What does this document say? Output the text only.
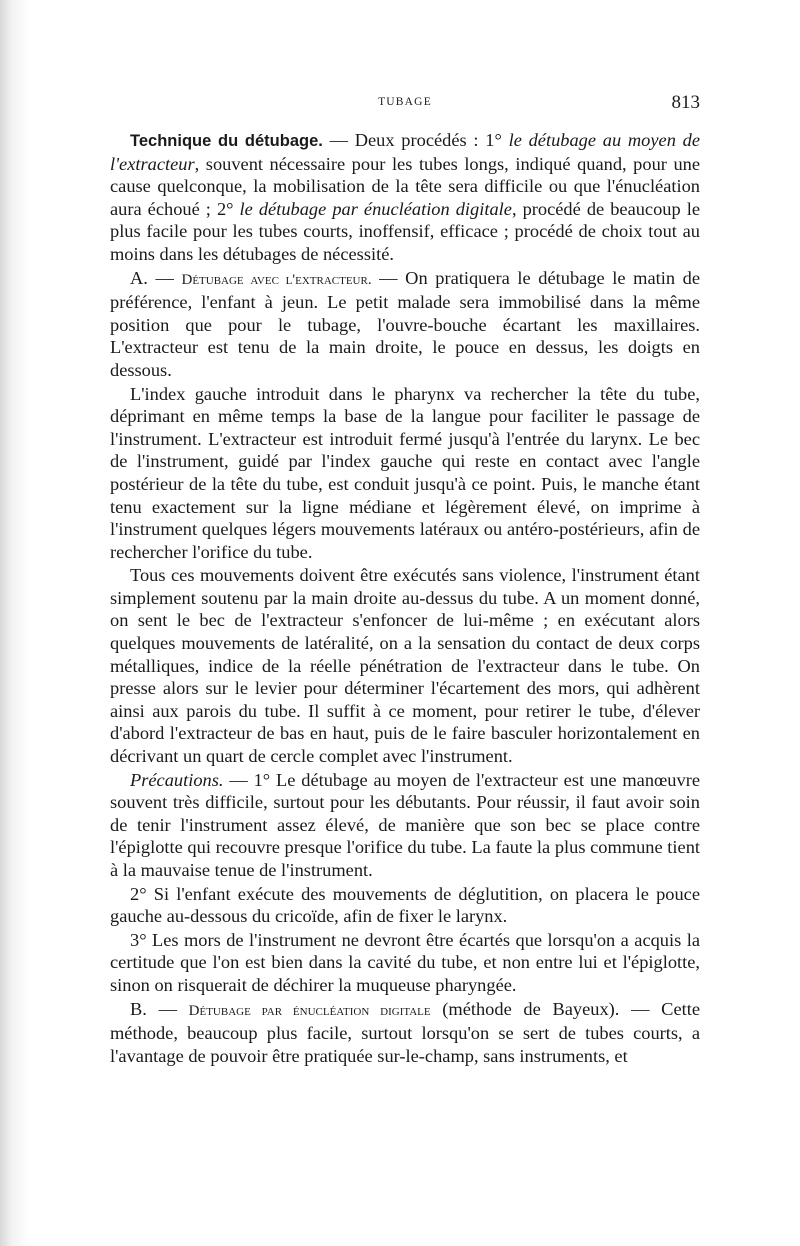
TUBAGE	813

Technique du détubage. — Deux procédés : 1° le détubage au moyen de l'extracteur, souvent nécessaire pour les tubes longs, indiqué quand, pour une cause quelconque, la mobilisation de la tête sera difficile ou que l'énucléation aura échoué ; 2° le détubage par énucléation digitale, procédé de beaucoup le plus facile pour les tubes courts, inoffensif, efficace ; procédé de choix tout au moins dans les détubages de nécessité.

A. — Détubage avec l'extracteur. — On pratiquera le détubage le matin de préférence, l'enfant à jeun. Le petit malade sera immobilisé dans la même position que pour le tubage, l'ouvre-bouche écartant les maxillaires. L'extracteur est tenu de la main droite, le pouce en dessus, les doigts en dessous.

L'index gauche introduit dans le pharynx va rechercher la tête du tube, déprimant en même temps la base de la langue pour faciliter le passage de l'instrument. L'extracteur est introduit fermé jusqu'à l'entrée du larynx. Le bec de l'instrument, guidé par l'index gauche qui reste en contact avec l'angle postérieur de la tête du tube, est conduit jusqu'à ce point. Puis, le manche étant tenu exactement sur la ligne médiane et légèrement élevé, on imprime à l'instrument quelques légers mouvements latéraux ou antéro-postérieurs, afin de rechercher l'orifice du tube.

Tous ces mouvements doivent être exécutés sans violence, l'instrument étant simplement soutenu par la main droite au-dessus du tube. A un moment donné, on sent le bec de l'extracteur s'enfoncer de lui-même ; en exécutant alors quelques mouvements de latéralité, on a la sensation du contact de deux corps métalliques, indice de la réelle pénétration de l'extracteur dans le tube. On presse alors sur le levier pour déterminer l'écartement des mors, qui adhèrent ainsi aux parois du tube. Il suffit à ce moment, pour retirer le tube, d'élever d'abord l'extracteur de bas en haut, puis de le faire basculer horizontalement en décrivant un quart de cercle complet avec l'instrument.

Précautions. — 1° Le détubage au moyen de l'extracteur est une manœuvre souvent très difficile, surtout pour les débutants. Pour réussir, il faut avoir soin de tenir l'instrument assez élevé, de manière que son bec se place contre l'épiglotte qui recouvre presque l'orifice du tube. La faute la plus commune tient à la mauvaise tenue de l'instrument.

2° Si l'enfant exécute des mouvements de déglutition, on placera le pouce gauche au-dessous du cricoïde, afin de fixer le larynx.

3° Les mors de l'instrument ne devront être écartés que lorsqu'on a acquis la certitude que l'on est bien dans la cavité du tube, et non entre lui et l'épiglotte, sinon on risquerait de déchirer la muqueuse pharyngée.

B. — Détubage par énucléation digitale (méthode de Bayeux). — Cette méthode, beaucoup plus facile, surtout lorsqu'on se sert de tubes courts, a l'avantage de pouvoir être pratiquée sur-le-champ, sans instruments, et
